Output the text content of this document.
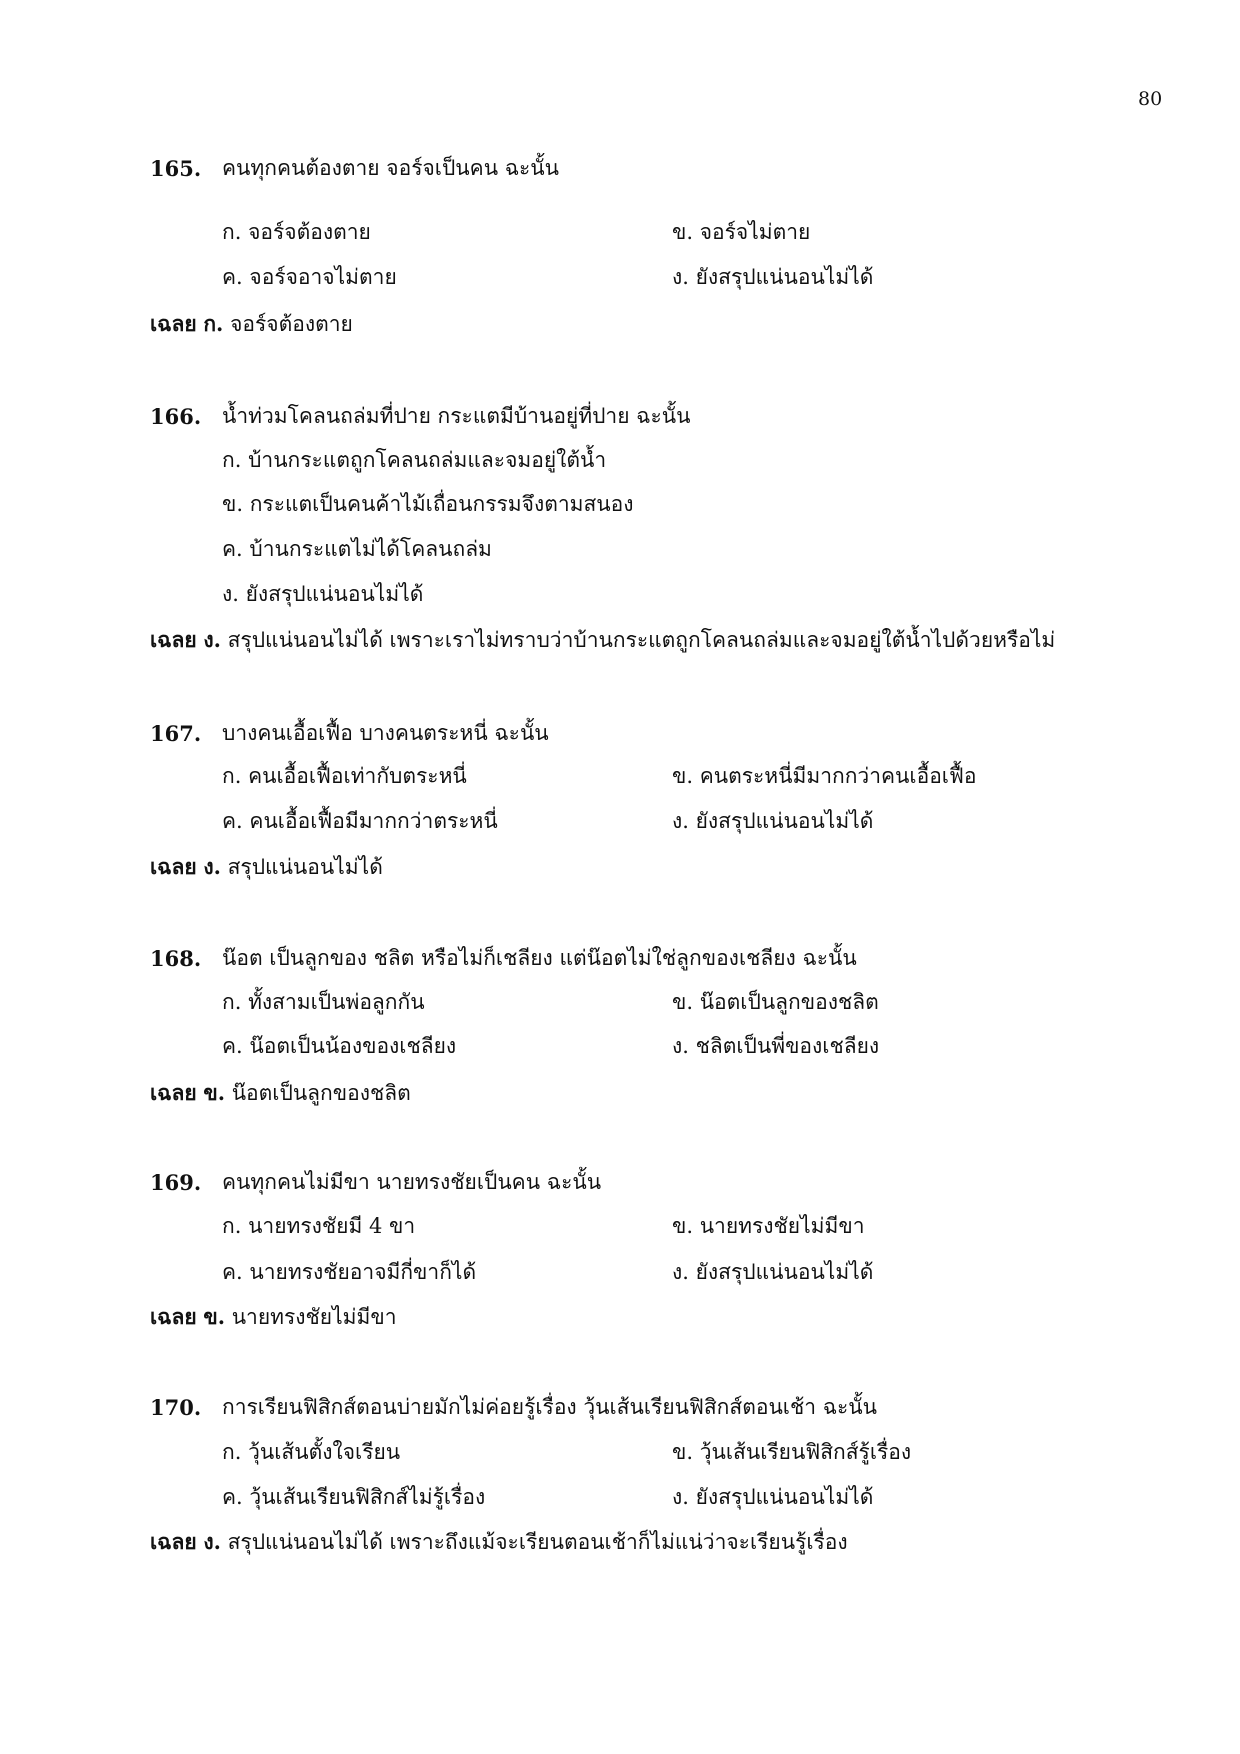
80
165. คนทุกคนต้องตาย จอร์จเป็นคน ฉะนั้น
ก. จอร์จต้องตาย	ข. จอร์จไม่ตาย
ค. จอร์จอาจไม่ตาย	ง. ยังสรุปแน่นอนไม่ได้
เฉลย ก. จอร์จต้องตาย
166. น้ำท่วมโคลนถล่มที่ปาย กระแตมีบ้านอยู่ที่ปาย ฉะนั้น
ก. บ้านกระแตถูกโคลนถล่มและจมอยู่ใต้น้ำ
ข. กระแตเป็นคนค้าไม้เถื่อนกรรมจึงตามสนอง
ค. บ้านกระแตไม่ได้โคลนถล่ม
ง. ยังสรุปแน่นอนไม่ได้
เฉลย ง. สรุปแน่นอนไม่ได้ เพราะเราไม่ทราบว่าบ้านกระแตถูกโคลนถล่มและจมอยู่ใต้น้ำไปด้วยหรือไม่
167. บางคนเอื้อเฟื้อ บางคนตระหนี่ ฉะนั้น
ก. คนเอื้อเฟื้อเท่ากับตระหนี่	ข. คนตระหนี่มีมากกว่าคนเอื้อเฟื้อ
ค. คนเอื้อเฟื้อมีมากกว่าตระหนี่	ง. ยังสรุปแน่นอนไม่ได้
เฉลย ง. สรุปแน่นอนไม่ได้
168. น๊อต เป็นลูกของ ชลิต หรือไม่ก็เชลียง แต่น๊อตไม่ใช่ลูกของเชลียง ฉะนั้น
ก. ทั้งสามเป็นพ่อลูกกัน	ข. น๊อตเป็นลูกของชลิต
ค. น๊อตเป็นน้องของเชลียง	ง. ชลิตเป็นพี่ของเชลียง
เฉลย ข. น๊อตเป็นลูกของชลิต
169. คนทุกคนไม่มีขา นายทรงชัยเป็นคน ฉะนั้น
ก. นายทรงชัยมี 4 ขา	ข. นายทรงชัยไม่มีขา
ค. นายทรงชัยอาจมีกี่ขาก็ได้	ง. ยังสรุปแน่นอนไม่ได้
เฉลย ข. นายทรงชัยไม่มีขา
170. การเรียนฟิสิกส์ตอนบ่ายมักไม่ค่อยรู้เรื่อง วุ้นเส้นเรียนฟิสิกส์ตอนเช้า ฉะนั้น
ก. วุ้นเส้นตั้งใจเรียน	ข. วุ้นเส้นเรียนฟิสิกส์รู้เรื่อง
ค. วุ้นเส้นเรียนฟิสิกส์ไม่รู้เรื่อง	ง. ยังสรุปแน่นอนไม่ได้
เฉลย ง. สรุปแน่นอนไม่ได้ เพราะถึงแม้จะเรียนตอนเช้าก็ไม่แน่ว่าจะเรียนรู้เรื่อง
